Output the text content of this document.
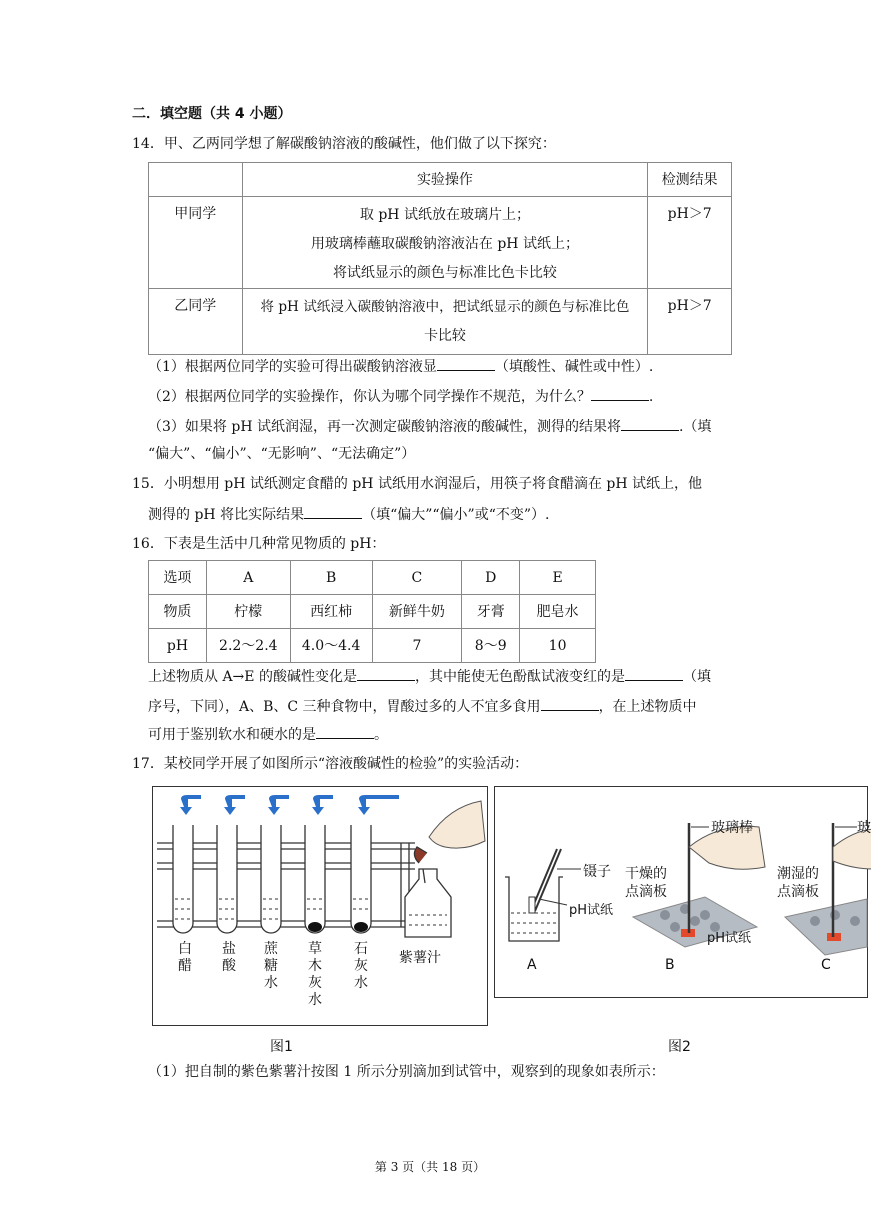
二．填空题（共 4 小题）
14．甲、乙两同学想了解碳酸钠溶液的酸碱性，他们做了以下探究：
	实验操作	检测结果
甲同学	取 pH 试纸放在玻璃片上；
用玻璃棒蘸取碳酸钠溶液沾在 pH 试纸上；
将试纸显示的颜色与标准比色卡比较	pH＞7
乙同学	将 pH 试纸浸入碳酸钠溶液中，把试纸显示的颜色与标准比色
卡比较	pH＞7
（1）根据两位同学的实验可得出碳酸钠溶液显	（填酸性、碱性或中性）.
（2）根据两位同学的实验操作，你认为哪个同学操作不规范，为什么？	.
（3）如果将 pH 试纸润湿，再一次测定碳酸钠溶液的酸碱性，测得的结果将	.（填
“偏大”、“偏小”、“无影响”、“无法确定”）
15．小明想用 pH 试纸测定食醋的 pH 试纸用水润湿后，用筷子将食醋滴在 pH 试纸上，他
测得的 pH 将比实际结果	（填“偏大”“偏小”或“不变”）.
16．下表是生活中几种常见物质的 pH：
选项	A	B	C	D	E
物质	柠檬	西红柿	新鲜牛奶	牙膏	肥皂水
pH	2.2～2.4	4.0～4.4	7	8～9	10
上述物质从 A→E 的酸碱性变化是	，其中能使无色酚酞试液变红的是	（填
序号，下同），A、B、C 三种食物中，胃酸过多的人不宜多食用	，在上述物质中
可用于鉴别软水和硬水的是	。
17．某校同学开展了如图所示“溶液酸碱性的检验”的实验活动：
白
醋
盐
酸
蔗
糖
水
草
木
灰
水
石
灰
水
紫薯汁
图1
镊子
pH试纸
玻璃棒
干燥的
点滴板
潮湿的
点滴板
pH试纸
玻
A	B	C
图2
（1）把自制的紫色紫薯汁按图 1 所示分别滴加到试管中，观察到的现象如表所示：
第 3 页（共 18 页）
